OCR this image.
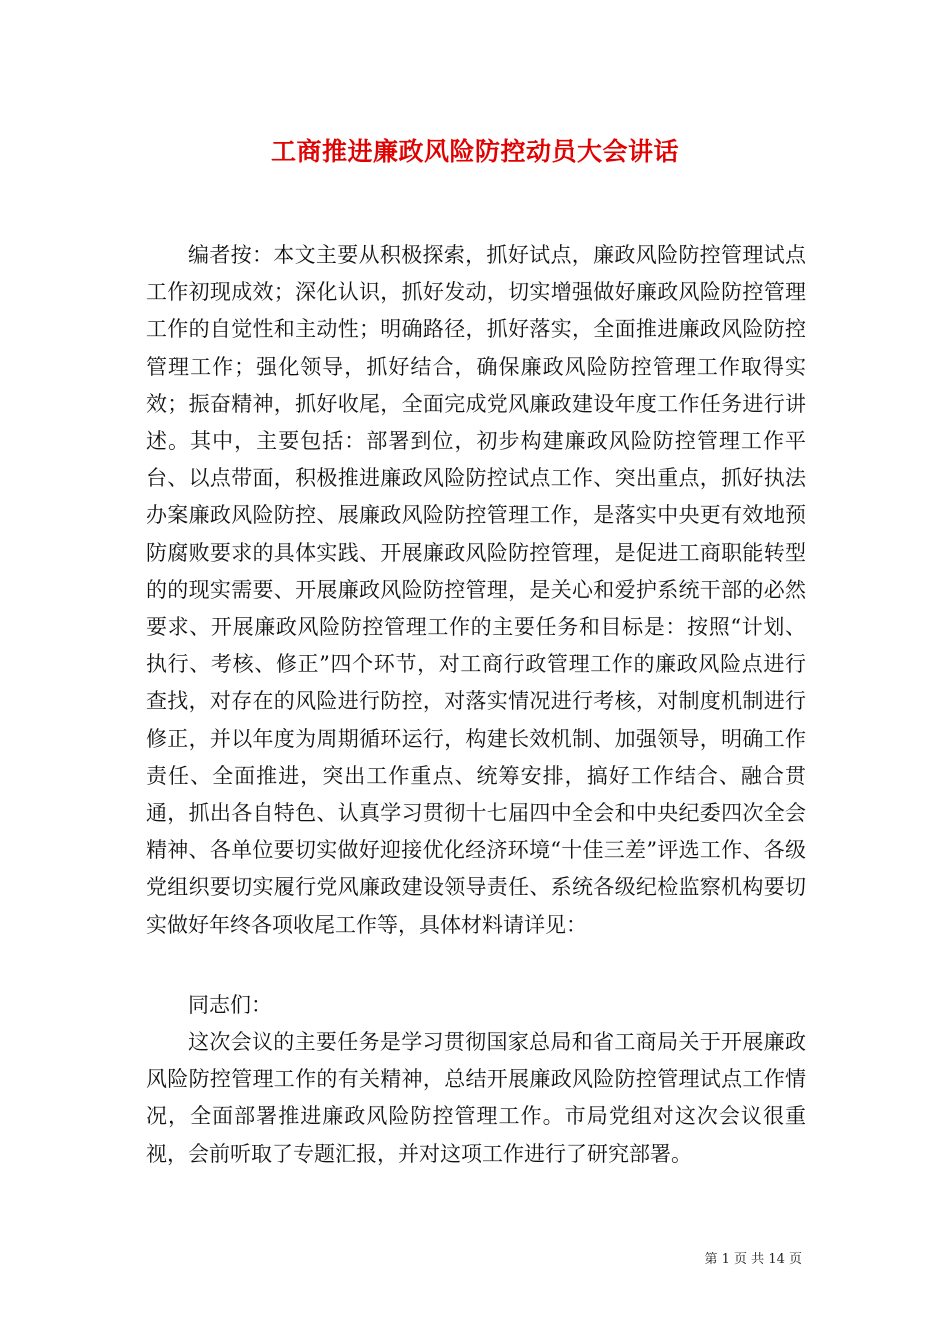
工商推进廉政风险防控动员大会讲话

编者按：本文主要从积极探索，抓好试点，廉政风险防控管理试点工作初现成效；深化认识，抓好发动，切实增强做好廉政风险防控管理工作的自觉性和主动性；明确路径，抓好落实，全面推进廉政风险防控管理工作；强化领导，抓好结合，确保廉政风险防控管理工作取得实效；振奋精神，抓好收尾，全面完成党风廉政建设年度工作任务进行讲述。其中，主要包括：部署到位，初步构建廉政风险防控管理工作平台、以点带面，积极推进廉政风险防控试点工作、突出重点，抓好执法办案廉政风险防控、展廉政风险防控管理工作，是落实中央更有效地预防腐败要求的具体实践、开展廉政风险防控管理，是促进工商职能转型的的现实需要、开展廉政风险防控管理，是关心和爱护系统干部的必然要求、开展廉政风险防控管理工作的主要任务和目标是：按照“计划、执行、考核、修正”四个环节，对工商行政管理工作的廉政风险点进行查找，对存在的风险进行防控，对落实情况进行考核，对制度机制进行修正，并以年度为周期循环运行，构建长效机制、加强领导，明确工作责任、全面推进，突出工作重点、统筹安排，搞好工作结合、融合贯通，抓出各自特色、认真学习贯彻十七届四中全会和中央纪委四次全会精神、各单位要切实做好迎接优化经济环境“十佳三差”评选工作、各级党组织要切实履行党风廉政建设领导责任、系统各级纪检监察机构要切实做好年终各项收尾工作等，具体材料请详见：

同志们：

这次会议的主要任务是学习贯彻国家总局和省工商局关于开展廉政风险防控管理工作的有关精神，总结开展廉政风险防控管理试点工作情况，全面部署推进廉政风险防控管理工作。市局党组对这次会议很重视，会前听取了专题汇报，并对这项工作进行了研究部署。

第 1 页 共 14 页
